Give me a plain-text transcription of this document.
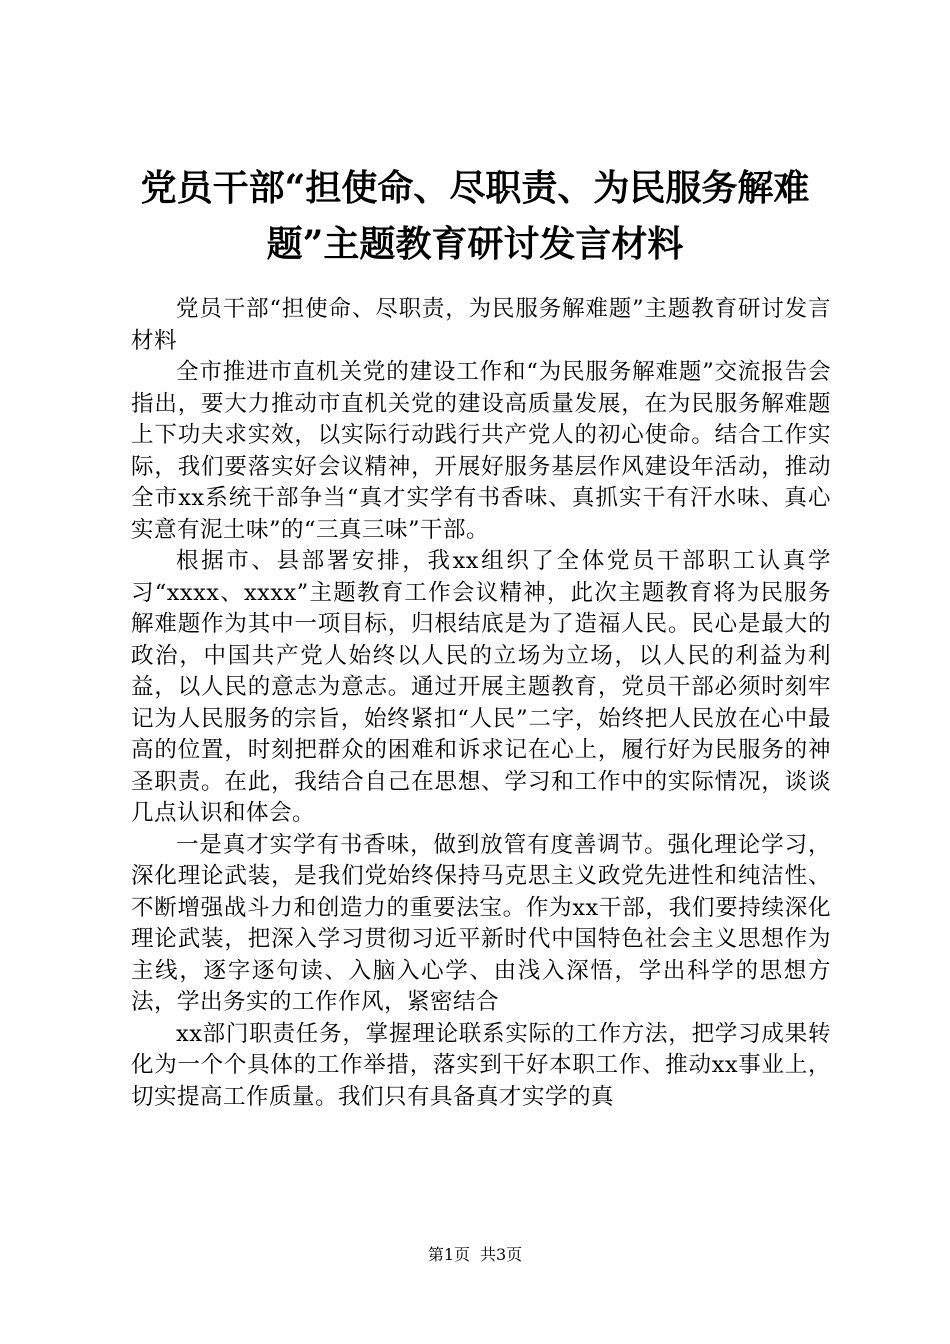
党员干部“担使命、尽职责、为民服务解难题”主题教育研讨发言材料

党员干部“担使命、尽职责，为民服务解难题”主题教育研讨发言材料

全市推进市直机关党的建设工作和“为民服务解难题”交流报告会指出，要大力推动市直机关党的建设高质量发展，在为民服务解难题上下功夫求实效，以实际行动践行共产党人的初心使命。结合工作实际，我们要落实好会议精神，开展好服务基层作风建设年活动，推动全市xx系统干部争当“真才实学有书香味、真抓实干有汗水味、真心实意有泥土味”的“三真三味”干部。

根据市、县部署安排，我xx组织了全体党员干部职工认真学习“xxxx、xxxx”主题教育工作会议精神，此次主题教育将为民服务解难题作为其中一项目标，归根结底是为了造福人民。民心是最大的政治，中国共产党人始终以人民的立场为立场，以人民的利益为利益，以人民的意志为意志。通过开展主题教育，党员干部必须时刻牢记为人民服务的宗旨，始终紧扣“人民”二字，始终把人民放在心中最高的位置，时刻把群众的困难和诉求记在心上，履行好为民服务的神圣职责。在此，我结合自己在思想、学习和工作中的实际情况，谈谈几点认识和体会。

一是真才实学有书香味，做到放管有度善调节。强化理论学习，深化理论武装，是我们党始终保持马克思主义政党先进性和纯洁性、不断增强战斗力和创造力的重要法宝。作为xx干部，我们要持续深化理论武装，把深入学习贯彻习近平新时代中国特色社会主义思想作为主线，逐字逐句读、入脑入心学、由浅入深悟，学出科学的思想方法，学出务实的工作作风，紧密结合

xx部门职责任务，掌握理论联系实际的工作方法，把学习成果转化为一个个具体的工作举措，落实到干好本职工作、推动xx事业上，切实提高工作质量。我们只有具备真才实学的真

第1页 共3页
